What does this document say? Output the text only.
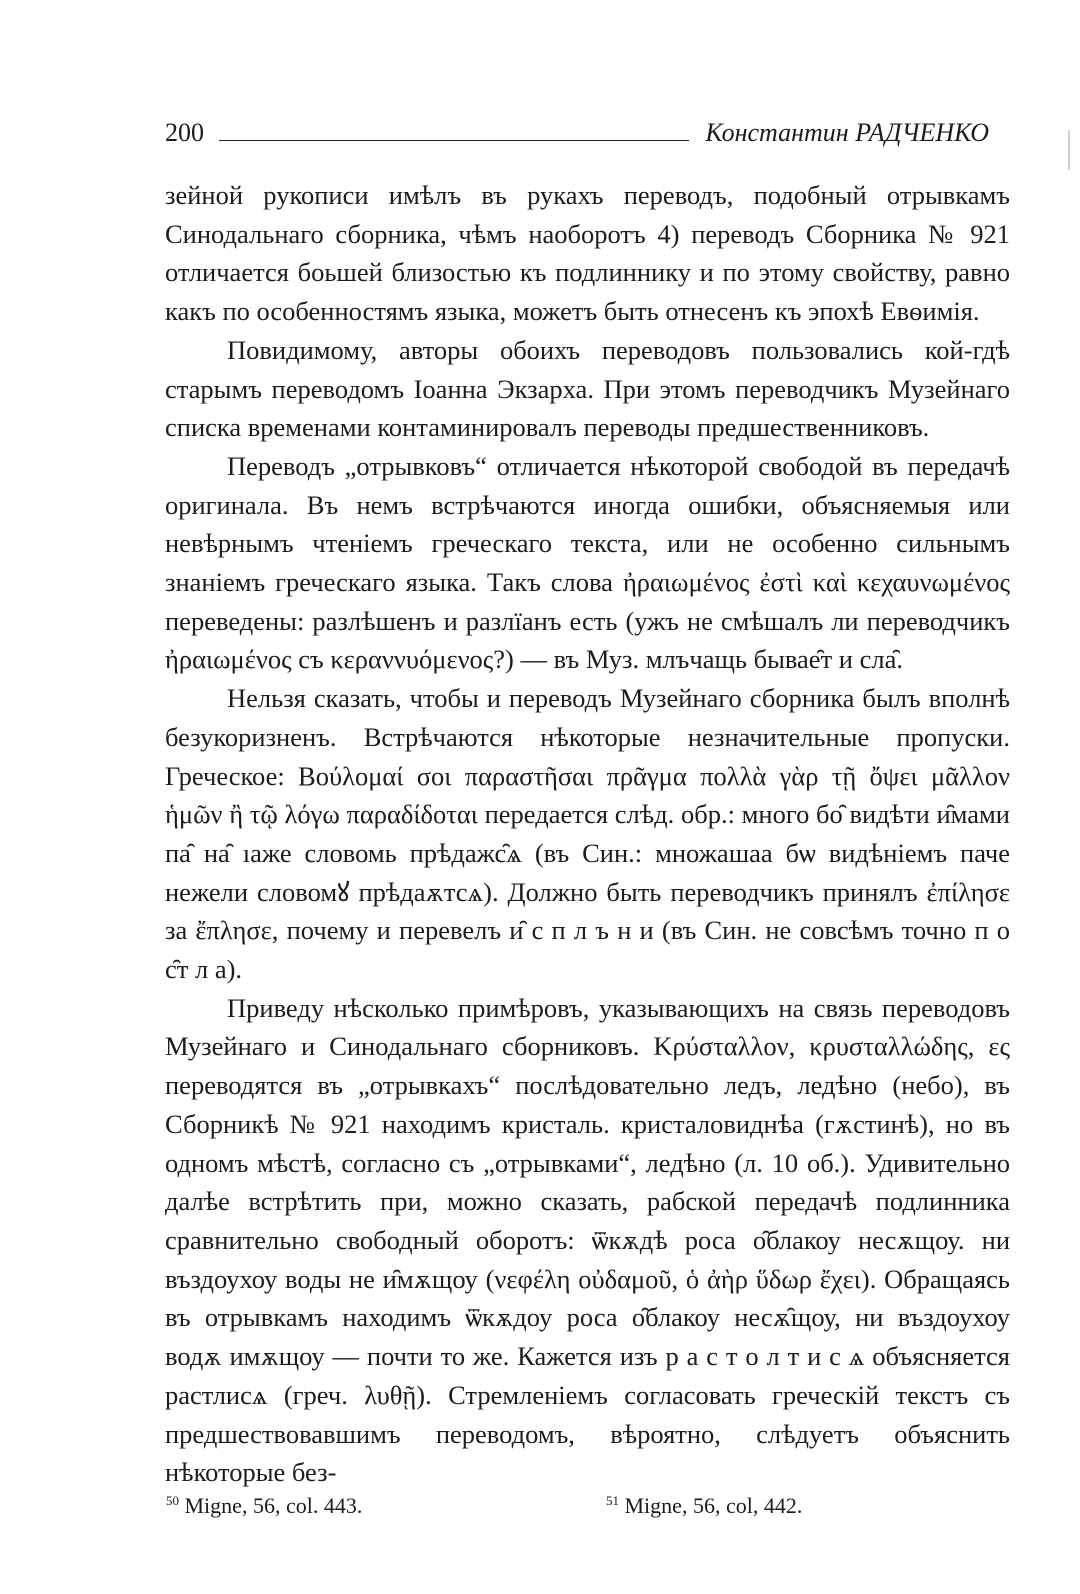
200	Константин РАДЧЕНКО

зейной рукописи имѣлъ въ рукахъ переводъ, подобный отрывкамъ Синодальнаго сборника, чѣмъ наоборотъ 4) переводъ Сборника № 921 отличается бoьшей близостью къ подлиннику и по этому свойству, равно какъ по особенностямъ языка, можетъ быть отнесенъ къ эпохѣ Евѳимія.

Повидимому, авторы обоихъ переводовъ пользовались кой-гдѣ старымъ переводомъ Іоанна Экзарха. При этомъ переводчикъ Музейнаго списка временами контаминировалъ переводы предшественниковъ.

Переводъ „отрывковъ“ отличается нѣкоторой свободой въ передачѣ оригинала. Въ немъ встрѣчаются иногда ошибки, объясняемыя или невѣрнымъ чтеніемъ греческаго текста, или не особенно сильнымъ знаніемъ греческаго языка. Такъ слова ἠραιωμένος ἐστὶ καὶ κεχαυνωμένος переведены: разлѣшенъ и разлїанъ есть (ужъ не смѣшалъ ли переводчикъ ἠραιωμένος съ κεραννυόμενος?) — въ Муз. млъчащь бывае̑т и сла̑.

Нельзя сказать, чтобы и переводъ Музейнаго сборника былъ вполнѣ безукоризненъ. Встрѣчаются нѣкоторые незначительные пропуски. Греческое: Βούλομαί σοι παραστῆσαι πρᾶγμα πολλὰ γὰρ τῇ ὄψει μᾶλλον ἡμῶν ἢ τῷ λόγω παραδίδοται передается слѣд. обр.: много бо̑ видѣти и̑мами па̑ на̑ ıаже словомь прѣдажс̑ѧ (въ Син.: множашаа бѡ видѣніемъ паче нежели словомꙋ прѣдаѫтсѧ). Должно быть переводчикъ принялъ ἐπίλησε за ἔπλησε, почему и перевелъ и̑ с п л ъ н и (въ Син. не совсѣмъ точно п о с̑т л а).

Приведу нѣсколько примѣровъ, указывающихъ на связь переводовъ Музейнаго и Синодальнаго сборниковъ. Κρύσταλλον, κρυσταλλώδης, ες переводятся въ „отрывкахъ“ послѣдовательно ледъ, ледѣно (небо), въ Сборникѣ № 921 находимъ кристаль. кристаловиднѣа (гѫстинѣ), но въ одномъ мѣстѣ, согласно съ „отрывками“, ледѣно (л. 10 об.). Удивительно далѣе встрѣтить при, можно сказать, рабской передачѣ подлинника сравнительно свободный оборотъ: ѿкѫдѣ роса о̑блакоу несѫщоу. ни въздоухоу воды не и̑мѫщоу (νεφέλη οὐδαμοῦ, ὁ ἀὴρ ὕδωρ ἔχει). Обращаясь въ отрывкамъ находимъ ѿкѫдоу роса о̑блакоу несѫ̑щоу, ни въздоухоу водѫ имѫщоу — почти то же. Кажется изъ р а с т о л т и с ѧ объясняется растлисѧ (греч. λυθῇ). Стремленіемъ согласовать греческій текстъ съ предшествовавшимъ переводомъ, вѣроятно, слѣдуетъ объяснить нѣкоторые без-

$^{50}$ Migne, 56, col. 443.	$^{51}$ Migne, 56, col, 442.
